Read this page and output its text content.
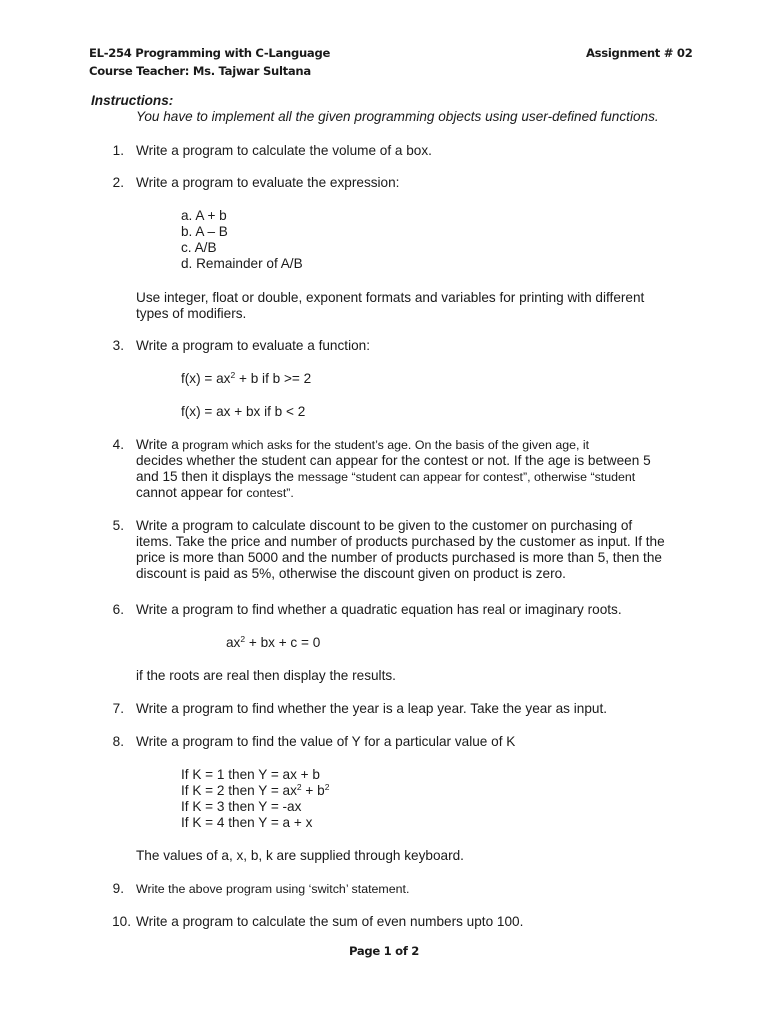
EL-254 Programming with C-Language
Course Teacher: Ms. Tajwar Sultana
Assignment # 02
Instructions:
You have to implement all the given programming objects using user-defined functions.
1. Write a program to calculate the volume of a box.
2. Write a program to evaluate the expression:
a. A + b
b. A – B
c. A/B
d. Remainder of A/B
Use integer, float or double, exponent formats and variables for printing with different
types of modifiers.
3. Write a program to evaluate a function:
$f(x) = ax^2 + b$ if b >= 2
f(x) = ax + bx if b < 2
4. Write a program which asks for the student’s age. On the basis of the given age, it
decides whether the student can appear for the contest or not. If the age is between 5
and 15 then it displays the message “student can appear for contest”, otherwise “student
cannot appear for contest”.
5. Write a program to calculate discount to be given to the customer on purchasing of
items. Take the price and number of products purchased by the customer as input. If the
price is more than 5000 and the number of products purchased is more than 5, then the
discount is paid as 5%, otherwise the discount given on product is zero.
6. Write a program to find whether a quadratic equation has real or imaginary roots.
$ax^2$ + bx + c = 0
if the roots are real then display the results.
7. Write a program to find whether the year is a leap year. Take the year as input.
8. Write a program to find the value of Y for a particular value of K
If K = 1 then Y = ax + b
If K = 2 then $Y = ax^2 + b^2$
If K = 3 then Y = -ax
If K = 4 then Y = a + x
The values of a, x, b, k are supplied through keyboard.
9. Write the above program using ‘switch’ statement.
10. Write a program to calculate the sum of even numbers upto 100.
Page 1 of 2
